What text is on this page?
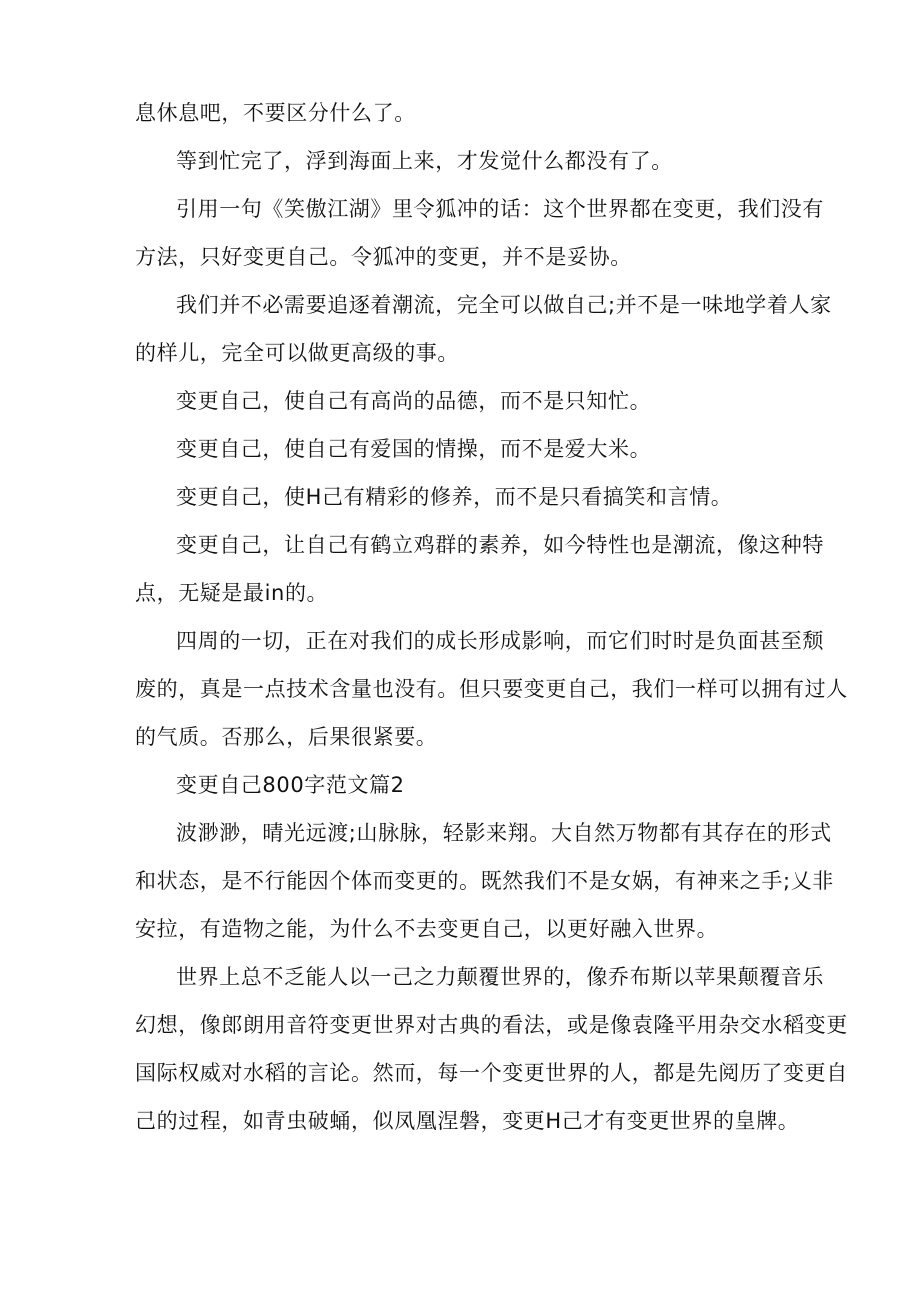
息休息吧，不要区分什么了。
等到忙完了，浮到海面上来，才发觉什么都没有了。
引用一句《笑傲江湖》里令狐冲的话：这个世界都在变更，我们没有
方法，只好变更自己。令狐冲的变更，并不是妥协。
我们并不必需要追逐着潮流，完全可以做自己;并不是一味地学着人家
的样儿，完全可以做更高级的事。
变更自己，使自己有高尚的品德，而不是只知忙。
变更自己，使自己有爱国的情操，而不是爱大米。
变更自己，使H己有精彩的修养，而不是只看搞笑和言情。
变更自己，让自己有鹤立鸡群的素养，如今特性也是潮流，像这种特
点，无疑是最in的。
四周的一切，正在对我们的成长形成影响，而它们时时是负面甚至颓
废的，真是一点技术含量也没有。但只要变更自己，我们一样可以拥有过人
的气质。否那么，后果很紧要。
变更自己800字范文篇2
波渺渺，晴光远渡;山脉脉，轻影来翔。大自然万物都有其存在的形式
和状态，是不行能因个体而变更的。既然我们不是女娲，有神来之手;乂非
安拉，有造物之能，为什么不去变更自己，以更好融入世界。
世界上总不乏能人以一己之力颠覆世界的，像乔布斯以苹果颠覆音乐
幻想，像郎朗用音符变更世界对古典的看法，或是像袁隆平用杂交水稻变更
国际权威对水稻的言论。然而，每一个变更世界的人，都是先阅历了变更自
己的过程，如青虫破蛹，似凤凰涅磐，变更H己才有变更世界的皇牌。
